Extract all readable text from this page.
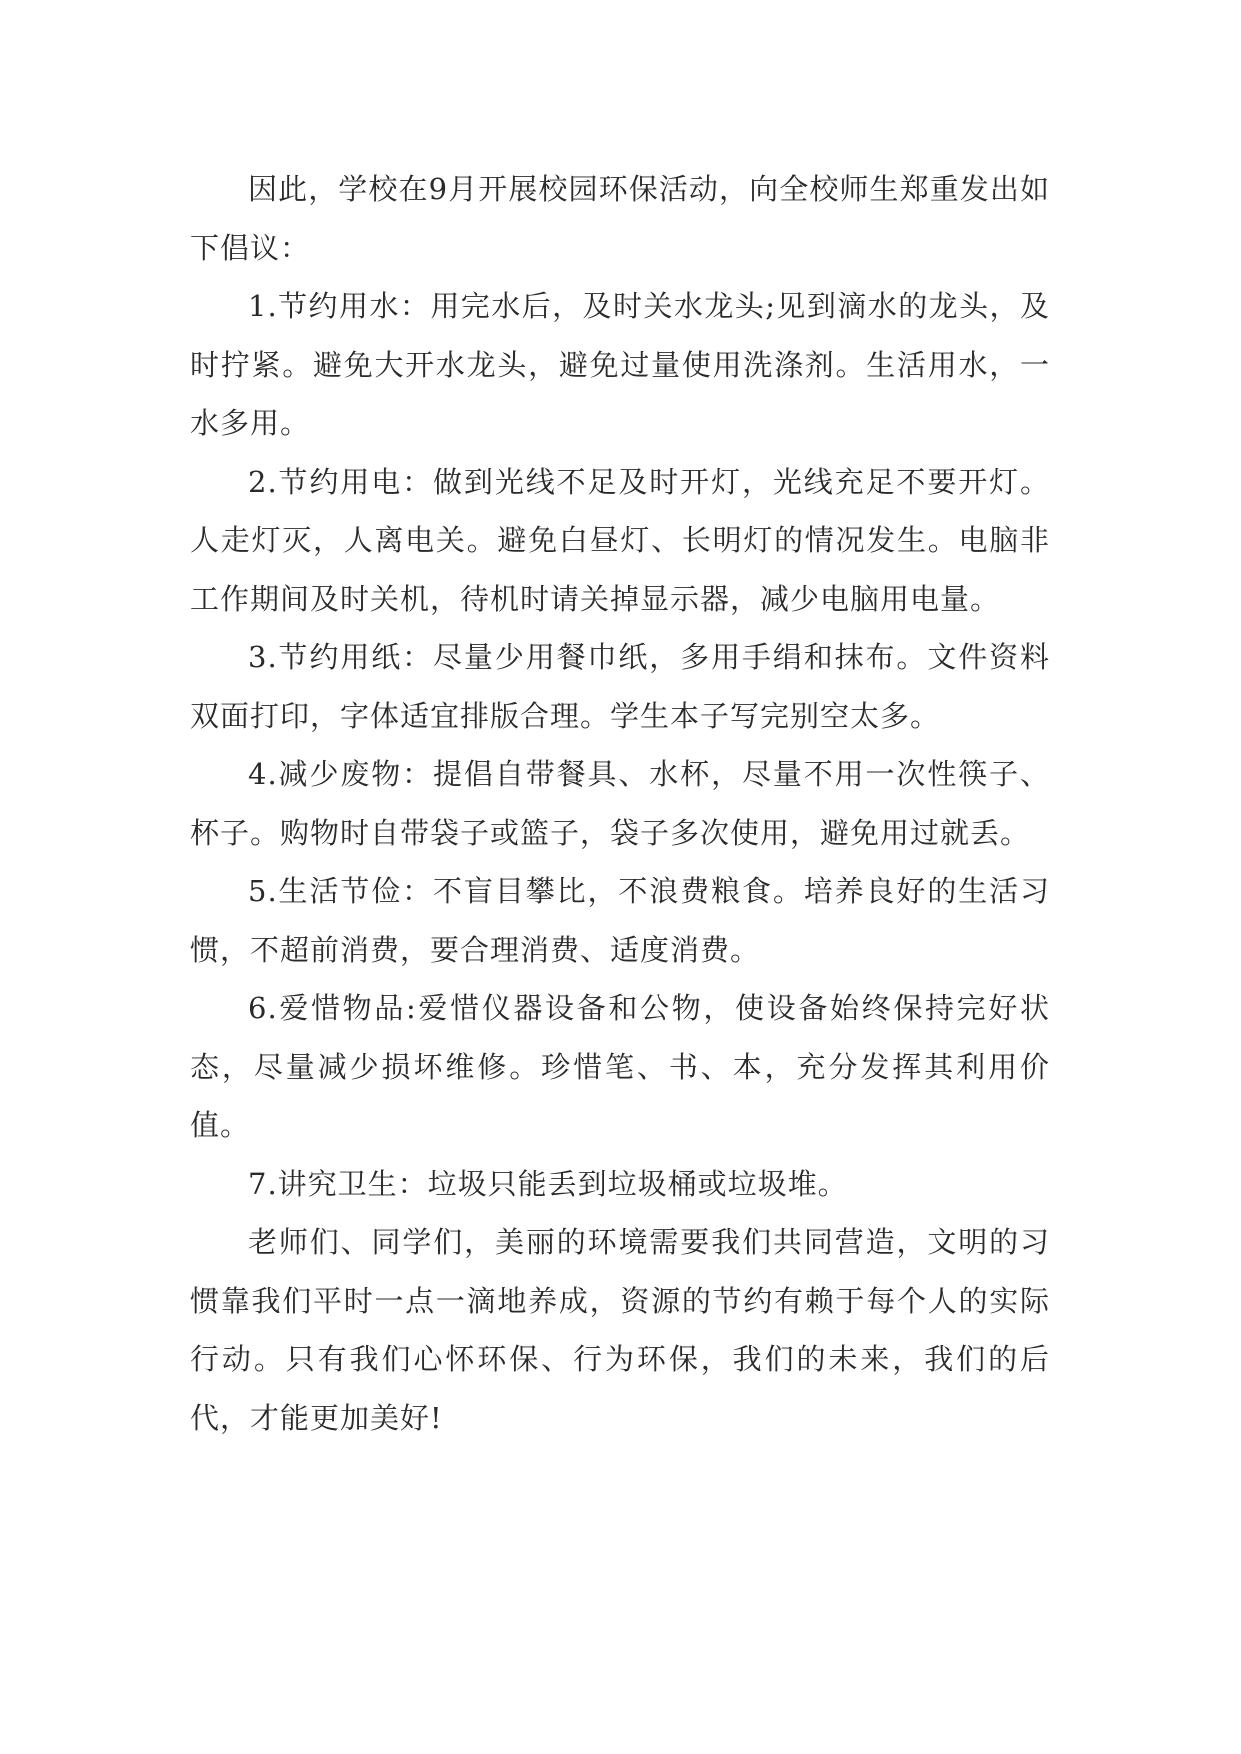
因此，学校在9月开展校园环保活动，向全校师生郑重发出如下倡议：

1.节约用水：用完水后，及时关水龙头;见到滴水的龙头，及时拧紧。避免大开水龙头，避免过量使用洗涤剂。生活用水，一水多用。

2.节约用电：做到光线不足及时开灯，光线充足不要开灯。人走灯灭，人离电关。避免白昼灯、长明灯的情况发生。电脑非工作期间及时关机，待机时请关掉显示器，减少电脑用电量。

3.节约用纸：尽量少用餐巾纸，多用手绢和抹布。文件资料双面打印，字体适宜排版合理。学生本子写完别空太多。

4.减少废物：提倡自带餐具、水杯，尽量不用一次性筷子、杯子。购物时自带袋子或篮子，袋子多次使用，避免用过就丢。

5.生活节俭：不盲目攀比，不浪费粮食。培养良好的生活习惯，不超前消费，要合理消费、适度消费。

6.爱惜物品:爱惜仪器设备和公物，使设备始终保持完好状态，尽量减少损坏维修。珍惜笔、书、本，充分发挥其利用价值。

7.讲究卫生：垃圾只能丢到垃圾桶或垃圾堆。

老师们、同学们，美丽的环境需要我们共同营造，文明的习惯靠我们平时一点一滴地养成，资源的节约有赖于每个人的实际行动。只有我们心怀环保、行为环保，我们的未来，我们的后代，才能更加美好!
